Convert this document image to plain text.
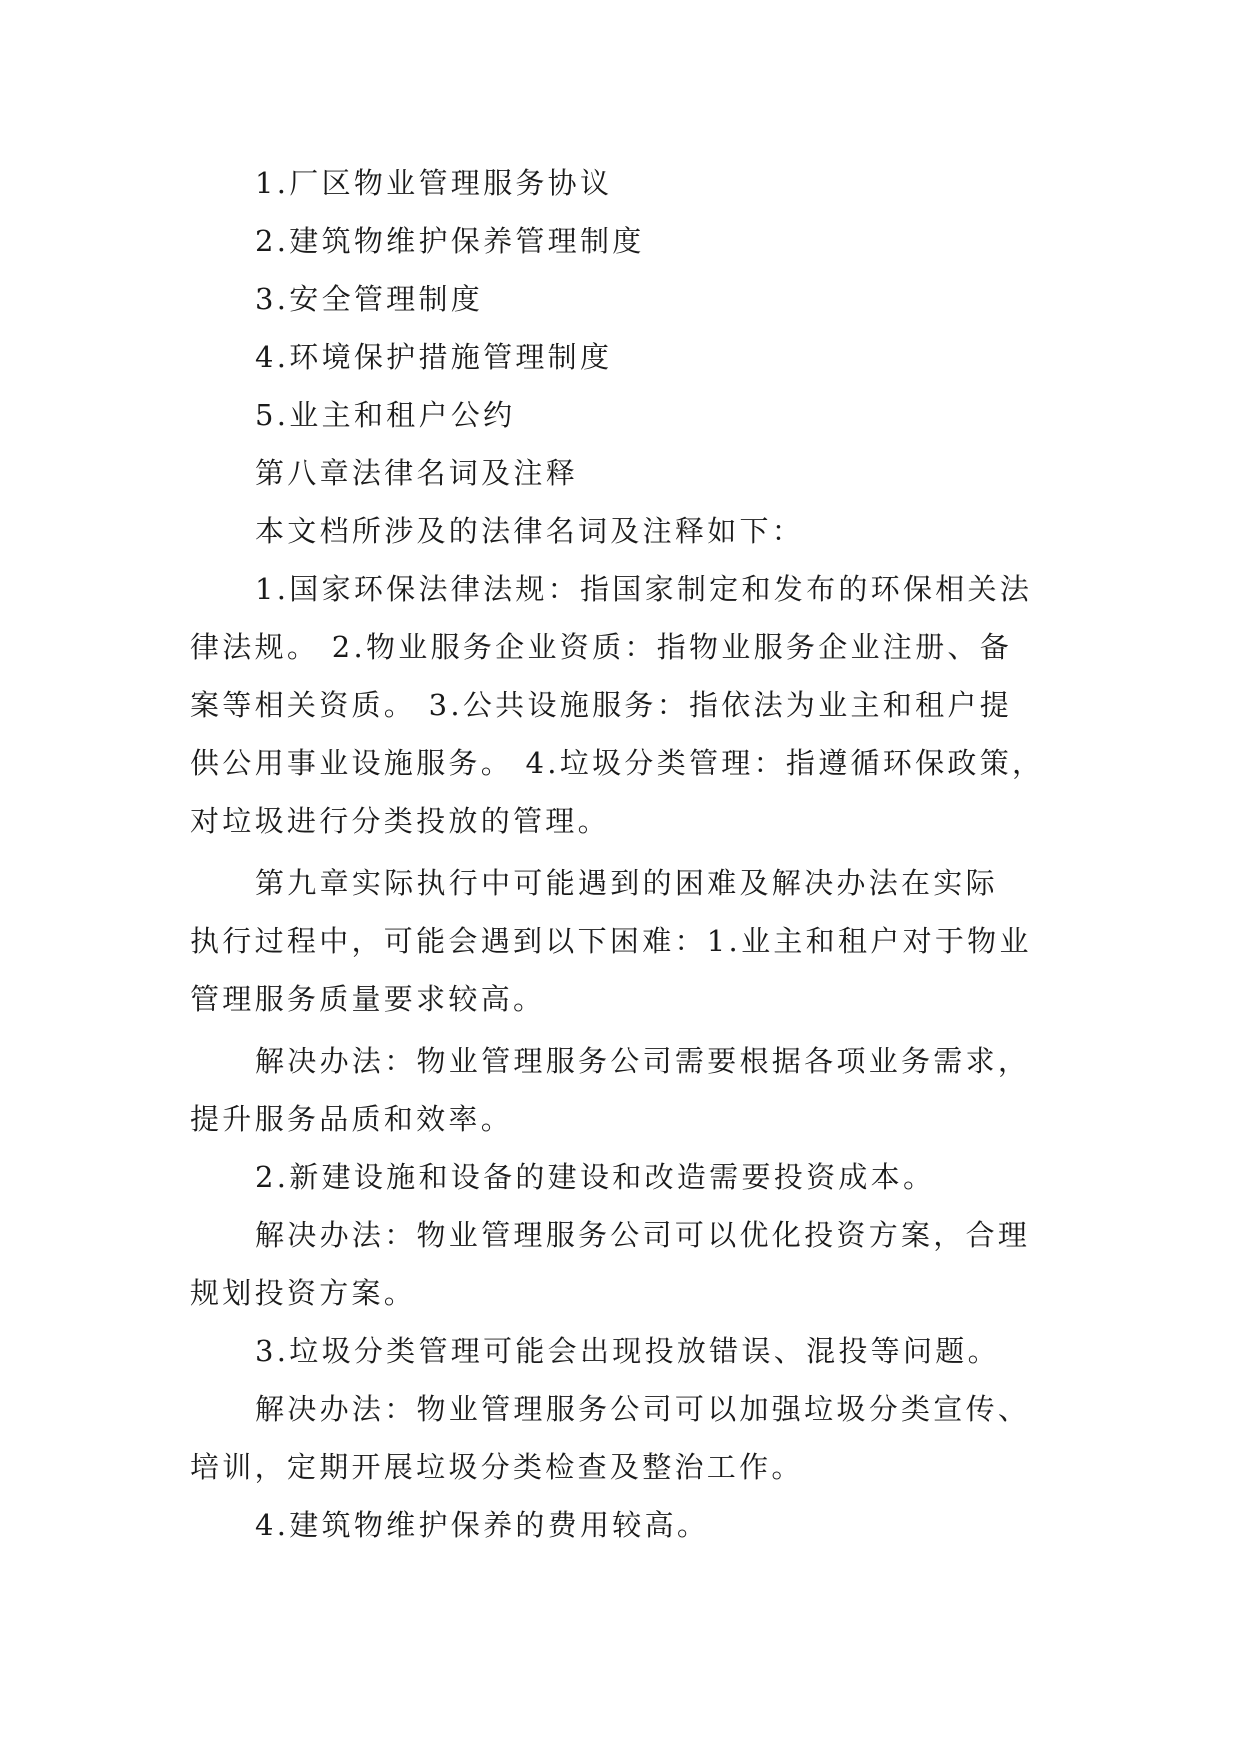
1.厂区物业管理服务协议

2.建筑物维护保养管理制度

3.安全管理制度

4.环境保护措施管理制度

5.业主和租户公约

第八章法律名词及注释

本文档所涉及的法律名词及注释如下：

1.国家环保法律法规：指国家制定和发布的环保相关法

律法规。 2.物业服务企业资质：指物业服务企业注册、备

案等相关资质。 3.公共设施服务：指依法为业主和租户提

供公用事业设施服务。 4.垃圾分类管理：指遵循环保政策，

对垃圾进行分类投放的管理。

第九章实际执行中可能遇到的困难及解决办法在实际

执行过程中，可能会遇到以下困难：1.业主和租户对于物业

管理服务质量要求较高。

解决办法：物业管理服务公司需要根据各项业务需求，

提升服务品质和效率。

2.新建设施和设备的建设和改造需要投资成本。

解决办法：物业管理服务公司可以优化投资方案，合理

规划投资方案。

3.垃圾分类管理可能会出现投放错误、混投等问题。

解决办法：物业管理服务公司可以加强垃圾分类宣传、

培训，定期开展垃圾分类检查及整治工作。

4.建筑物维护保养的费用较高。
